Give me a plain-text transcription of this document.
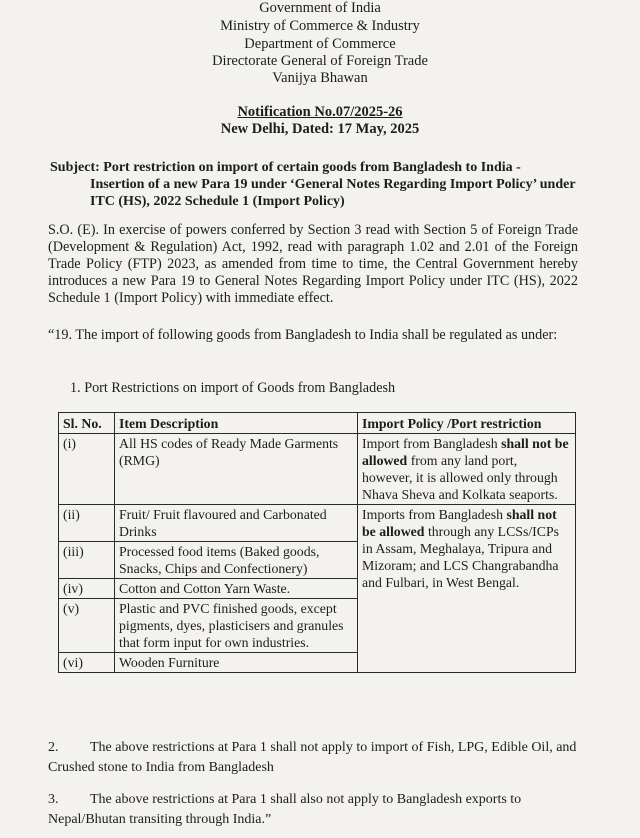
Government of India
Ministry of Commerce & Industry
Department of Commerce
Directorate General of Foreign Trade
Vanijya Bhawan
Notification No.07/2025-26
New Delhi, Dated: 17 May, 2025
Subject: Port restriction on import of certain goods from Bangladesh to India -
Insertion of a new Para 19 under ‘General Notes Regarding Import Policy’ under ITC (HS), 2022 Schedule 1 (Import Policy)
S.O. (E). In exercise of powers conferred by Section 3 read with Section 5 of Foreign Trade (Development & Regulation) Act, 1992, read with paragraph 1.02 and 2.01 of the Foreign Trade Policy (FTP) 2023, as amended from time to time, the Central Government hereby introduces a new Para 19 to General Notes Regarding Import Policy under ITC (HS), 2022 Schedule 1 (Import Policy) with immediate effect.
“19. The import of following goods from Bangladesh to India shall be regulated as under:
1. Port Restrictions on import of Goods from Bangladesh
Sl. No.	Item Description	Import Policy /Port restriction
(i)	All HS codes of Ready Made Garments (RMG)	Import from Bangladesh shall not be allowed from any land port, however, it is allowed only through Nhava Sheva and Kolkata seaports.
(ii)	Fruit/ Fruit flavoured and Carbonated Drinks	Imports from Bangladesh shall not be allowed through any LCSs/ICPs in Assam, Meghalaya, Tripura and Mizoram; and LCS Changrabandha and Fulbari, in West Bengal.
(iii)	Processed food items (Baked goods, Snacks, Chips and Confectionery)	
(iv)	Cotton and Cotton Yarn Waste.	
(v)	Plastic and PVC finished goods, except pigments, dyes, plasticisers and granules that form input for own industries.	
(vi)	Wooden Furniture	
2. The above restrictions at Para 1 shall not apply to import of Fish, LPG, Edible Oil, and Crushed stone to India from Bangladesh
3. The above restrictions at Para 1 shall also not apply to Bangladesh exports to Nepal/Bhutan transiting through India.”
